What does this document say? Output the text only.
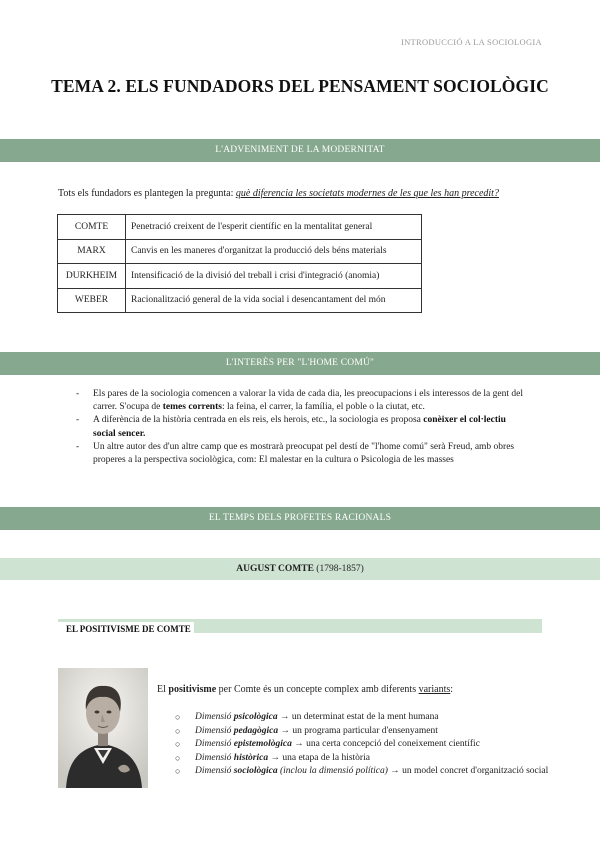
INTRODUCCIÓ A LA SOCIOLOGIA
TEMA 2. ELS FUNDADORS DEL PENSAMENT SOCIOLÒGIC
L'ADVENIMENT DE LA MODERNITAT

Tots els fundadors es plantegen la pregunta: què diferencia les societats modernes de les que les han precedit?

COMTE	Penetració creixent de l'esperit científic en la mentalitat general
MARX	Canvis en les maneres d'organitzat la producció dels béns materials
DURKHEIM	Intensificació de la divisió del treball i crisi d'integració (anomia)
WEBER	Racionalització general de la vida social i desencantament del món
L'INTERÈS PER "L'HOME COMÚ"
- Els pares de la sociologia comencen a valorar la vida de cada dia, les preocupacions i els interessos de la gent del
carrer. S'ocupa de temes corrents: la feina, el carrer, la família, el poble o la ciutat, etc.
- A diferència de la història centrada en els reis, els herois, etc., la sociologia es proposa conèixer el col·lectiu
social sencer.
- Un altre autor des d'un altre camp que es mostrarà preocupat pel destí de "l'home comú" serà Freud, amb obres
properes a la perspectiva sociològica, com: El malestar en la cultura o Psicologia de les masses
EL TEMPS DELS PROFETES RACIONALS
AUGUST COMTE (1798-1857)
EL POSITIVISME DE COMTE

El positivisme per Comte és un concepte complex amb diferents variants:

○ Dimensió psicològica → un determinat estat de la ment humana
○ Dimensió pedagògica → un programa particular d'ensenyament
○ Dimensió epistemològica → una certa concepció del coneixement científic
○ Dimensió històrica → una etapa de la història
○ Dimensió sociològica (inclou la dimensió política) → un model concret d'organització social
